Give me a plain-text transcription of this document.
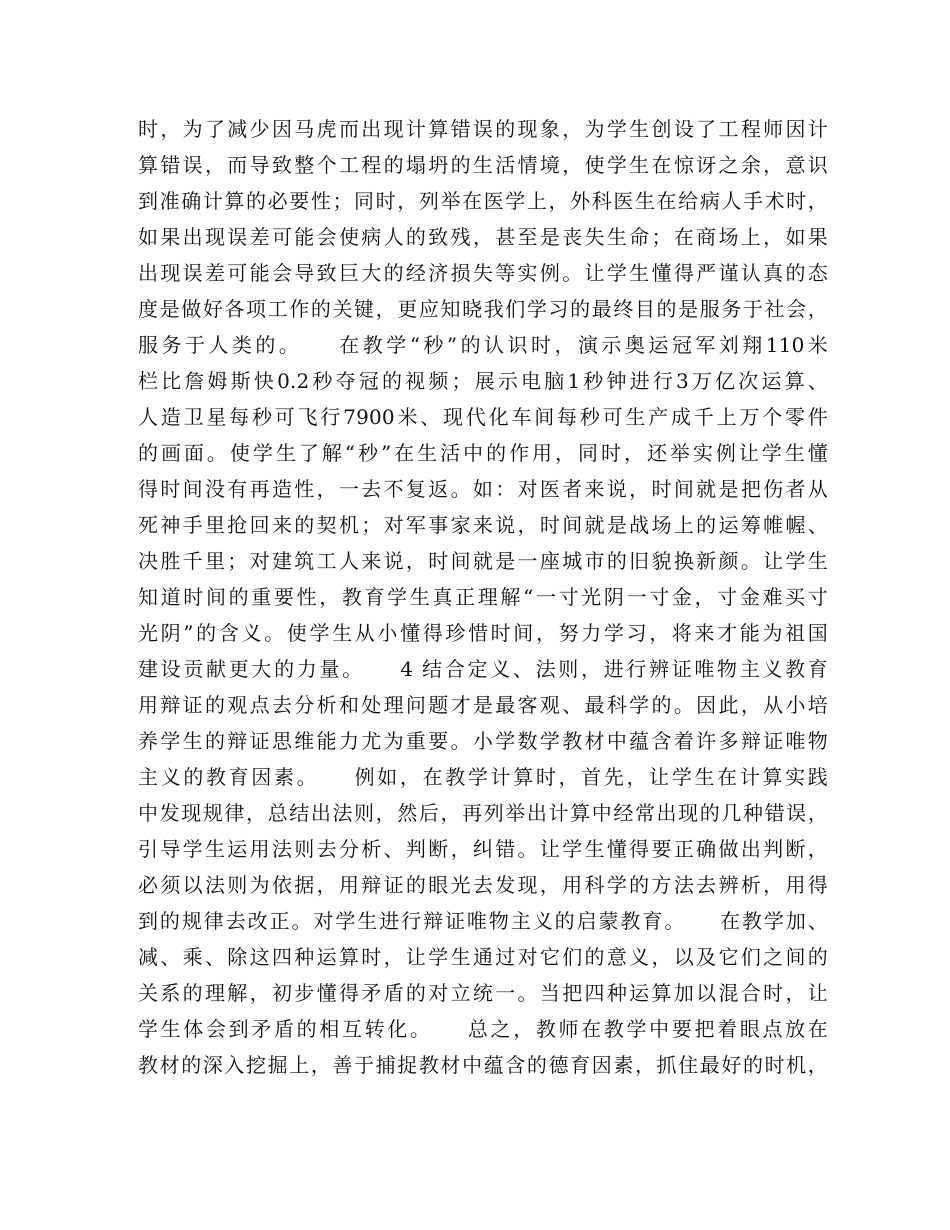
时，为了减少因马虎而出现计算错误的现象，为学生创设了工程师因计
算错误，而导致整个工程的塌坍的生活情境，使学生在惊讶之余，意识
到准确计算的必要性；同时，列举在医学上，外科医生在给病人手术时，
如果出现误差可能会使病人的致残，甚至是丧失生命；在商场上，如果
出现误差可能会导致巨大的经济损失等实例。让学生懂得严谨认真的态
度是做好各项工作的关键，更应知晓我们学习的最终目的是服务于社会，
服务于人类的。　　在教学“秒”的认识时，演示奥运冠军刘翔110米
栏比詹姆斯快0.2秒夺冠的视频；展示电脑1秒钟进行3万亿次运算、
人造卫星每秒可飞行7900米、现代化车间每秒可生产成千上万个零件
的画面。使学生了解“秒”在生活中的作用，同时，还举实例让学生懂
得时间没有再造性，一去不复返。如：对医者来说，时间就是把伤者从
死神手里抢回来的契机；对军事家来说，时间就是战场上的运筹帷幄、
决胜千里；对建筑工人来说，时间就是一座城市的旧貌换新颜。让学生
知道时间的重要性，教育学生真正理解“一寸光阴一寸金，寸金难买寸
光阴”的含义。使学生从小懂得珍惜时间，努力学习，将来才能为祖国
建设贡献更大的力量。　　4 结合定义、法则，进行辨证唯物主义教育
用辩证的观点去分析和处理问题才是最客观、最科学的。因此，从小培
养学生的辩证思维能力尤为重要。小学数学教材中蕴含着许多辩证唯物
主义的教育因素。　　例如，在教学计算时，首先，让学生在计算实践
中发现规律，总结出法则，然后，再列举出计算中经常出现的几种错误，
引导学生运用法则去分析、判断，纠错。让学生懂得要正确做出判断，
必须以法则为依据，用辩证的眼光去发现，用科学的方法去辨析，用得
到的规律去改正。对学生进行辩证唯物主义的启蒙教育。　　在教学加、
减、乘、除这四种运算时，让学生通过对它们的意义，以及它们之间的
关系的理解，初步懂得矛盾的对立统一。当把四种运算加以混合时，让
学生体会到矛盾的相互转化。　　总之，教师在教学中要把着眼点放在
教材的深入挖掘上，善于捕捉教材中蕴含的德育因素，抓住最好的时机，
